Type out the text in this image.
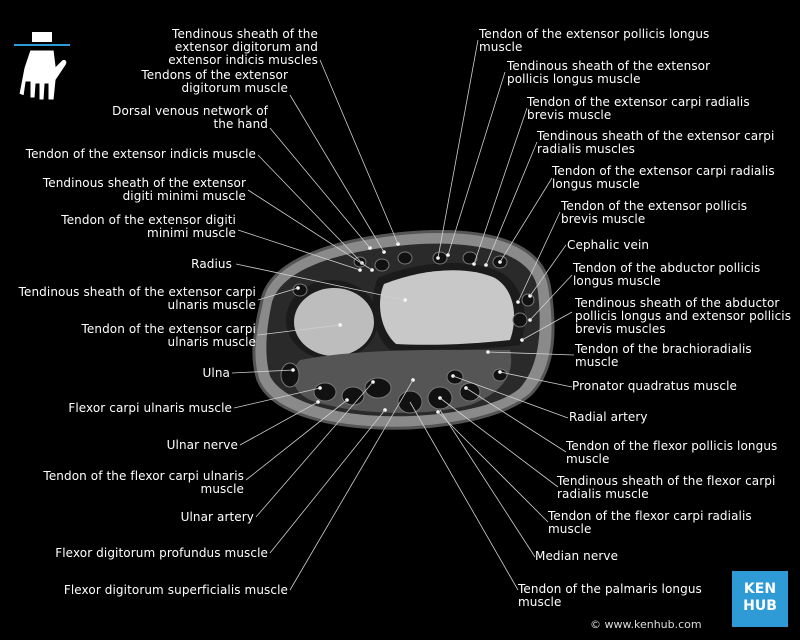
Tendinous sheath of the extensor digitorum and extensor indicis muscles
Tendons of the extensor digitorum muscle
Dorsal venous network of the hand
Tendon of the extensor indicis muscle
Tendinous sheath of the extensor digiti minimi muscle
Tendon of the extensor digiti minimi muscle
Radius
Tendinous sheath of the extensor carpi ulnaris muscle
Tendon of the extensor carpi ulnaris muscle
Ulna
Flexor carpi ulnaris muscle
Ulnar nerve
Tendon of the flexor carpi ulnaris muscle
Ulnar artery
Flexor digitorum profundus muscle
Flexor digitorum superficialis muscle
Tendon of the extensor pollicis longus muscle
Tendinous sheath of the extensor pollicis longus muscle
Tendon of the extensor carpi radialis brevis muscle
Tendinous sheath of the extensor carpi radialis muscles
Tendon of the extensor carpi radialis longus muscle
Tendon of the extensor pollicis brevis muscle
Cephalic vein
Tendon of the abductor pollicis longus muscle
Tendinous sheath of the abductor pollicis longus and extensor pollicis brevis muscles
Tendon of the brachioradialis muscle
Pronator quadratus muscle
Radial artery
Tendon of the flexor pollicis longus muscle
Tendinous sheath of the flexor carpi radialis muscle
Tendon of the flexor carpi radialis muscle
Median nerve
Tendon of the palmaris longus muscle
KEN
HUB
© www.kenhub.com
